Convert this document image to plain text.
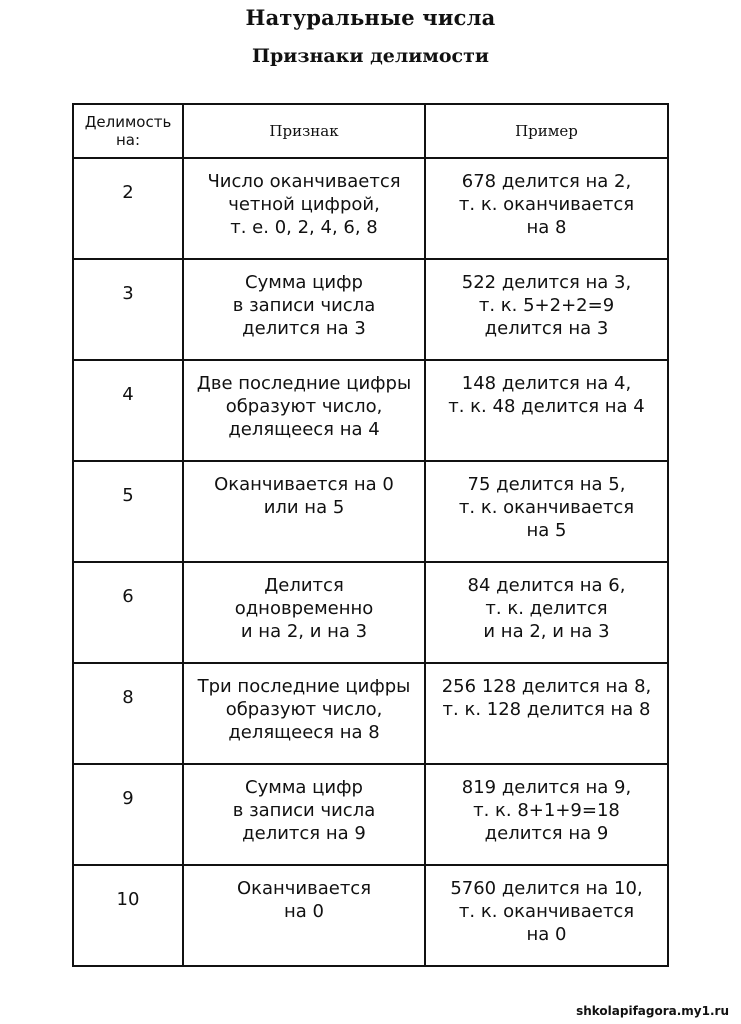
Натуральные числа
Признаки делимости
Делимость на:	Признак	Пример

2	Число оканчивается
четной цифрой,
т. е. 0, 2, 4, 6, 8	678 делится на 2,
т. к. оканчивается
на 8

3	Сумма цифр
в записи числа
делится на 3	522 делится на 3,
т. к. 5+2+2=9
делится на 3

4	Две последние цифры
образуют число,
делящееся на 4	148 делится на 4,
т. к. 48 делится на 4

5	Оканчивается на 0
или на 5	75 делится на 5,
т. к. оканчивается
на 5

6	Делится
одновременно
и на 2, и на 3	84 делится на 6,
т. к. делится
и на 2, и на 3

8	Три последние цифры
образуют число,
делящееся на 8	256 128 делится на 8,
т. к. 128 делится на 8

9	Сумма цифр
в записи числа
делится на 9	819 делится на 9,
т. к. 8+1+9=18
делится на 9

10	Оканчивается
на 0	5760 делится на 10,
т. к. оканчивается
на 0
shkolapifagora.my1.ru
